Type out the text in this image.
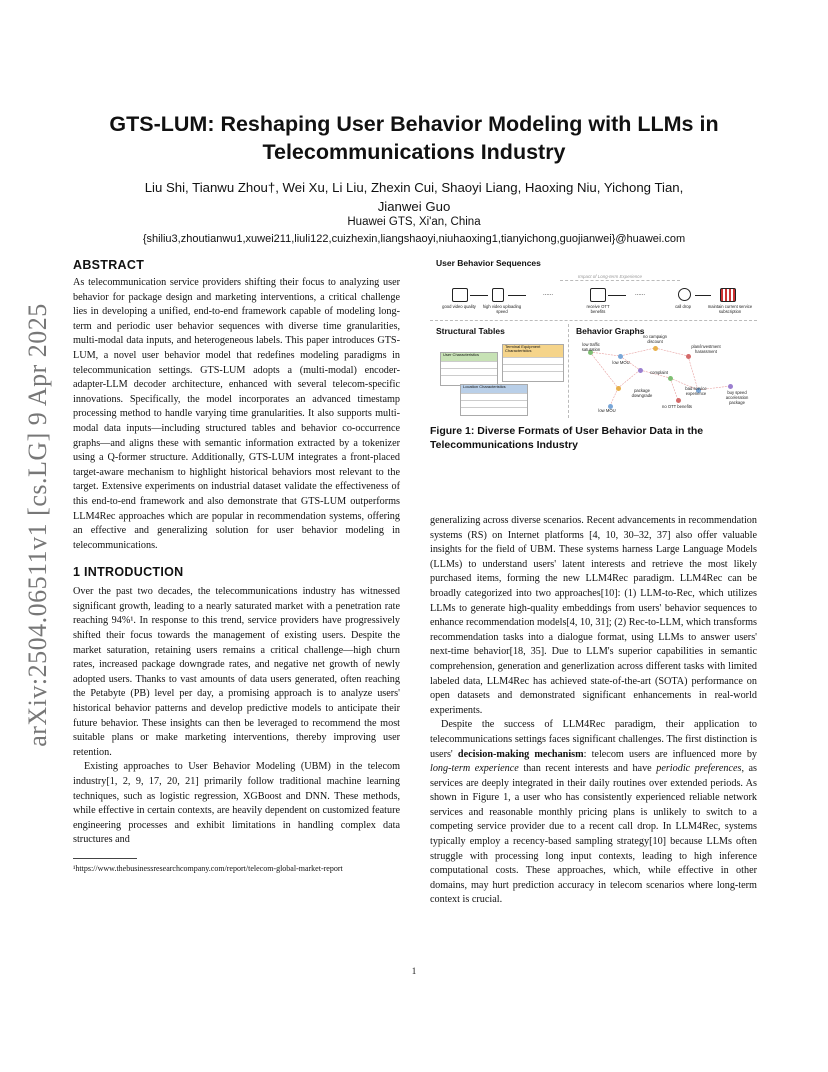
arXiv:2504.06511v1 [cs.LG] 9 Apr 2025
GTS-LUM: Reshaping User Behavior Modeling with LLMs in
Telecommunications Industry
Liu Shi, Tianwu Zhou†, Wei Xu, Li Liu, Zhexin Cui, Shaoyi Liang, Haoxing Niu, Yichong Tian,
Jianwei Guo
Huawei GTS, Xi'an, China
{shiliu3,zhoutianwu1,xuwei211,liuli122,cuizhexin,liangshaoyi,niuhaoxing1,tianyichong,guojianwei}@huawei.com
ABSTRACT

As telecommunication service providers shifting their focus to analyzing user behavior for package design and marketing interventions, a critical challenge lies in developing a unified, end-to-end framework capable of modeling long-term and periodic user behavior sequences with diverse time granularities, multi-modal data inputs, and heterogeneous labels. This paper introduces GTS-LUM, a novel user behavior model that redefines modeling paradigms in telecommunication settings. GTS-LUM adopts a (multi-modal) encoder-adapter-LLM decoder architecture, enhanced with several telecom-specific innovations. Specifically, the model incorporates an advanced timestamp processing method to handle varying time granularities. It also supports multi-modal data inputs—including structured tables and behavior co-occurrence graphs—and aligns these with semantic information extracted by a tokenizer using a Q-former structure. Additionally, GTS-LUM integrates a front-placed target-aware mechanism to highlight historical behaviors most relevant to the target. Extensive experiments on industrial dataset validate the effectiveness of this end-to-end framework and also demonstrate that GTS-LUM outperforms LLM4Rec approaches which are popular in recommendation systems, offering an effective and generalizing solution for user behavior modeling in telecommunications.

1 INTRODUCTION

Over the past two decades, the telecommunications industry has witnessed significant growth, leading to a nearly saturated market with a penetration rate reaching 94%¹. In response to this trend, service providers have progressively shifted their focus towards the management of existing users. Despite the market saturation, retaining users remains a critical challenge—high churn rates, increased package downgrade rates, and negative net growth of newly adopted users. Thanks to vast amounts of data users generated, often reaching the Petabyte (PB) level per day, a promising approach is to analyze users' historical behavior patterns and develop predictive models to anticipate their future behavior. These insights can then be leveraged to recommend the most suitable plans or make marketing interventions, thereby improving user retention.

Existing approaches to User Behavior Modeling (UBM) in the telecom industry[1, 2, 9, 17, 20, 21] primarily follow traditional machine learning techniques, such as logistic regression, XGBoost and DNN. These methods, while effective in certain contexts, are heavily dependent on customized feature engineering processes and exhibit limitations in handling complex data structures and

¹https://www.thebusinessresearchcompany.com/report/telecom-global-market-report
User Behavior Sequences
Impact of Long-term Experience
......	......
good video quality	high video uploading speed
receive OTT benefits
call drop	maintain current service subscription
Structural Tables
User Characteristics
Terminal Equipment Characteristics
Location Characteristics
Behavior Graphs
low traffic saturation
low MOU
no campaign discount
plan/investment harassment
complaint
package downgrade
bad service experience
no OTT benefits
buy speed acceleration package
low MOU
Figure 1: Diverse Formats of User Behavior Data in the Telecommunications Industry

generalizing across diverse scenarios. Recent advancements in recommendation systems (RS) on Internet platforms [4, 10, 30–32, 37] also offer valuable insights for the field of UBM. These systems harness Large Language Models (LLMs) to understand users' latent interests and retrieve the most likely purchased items, forming the new LLM4Rec paradigm. LLM4Rec can be broadly categorized into two approaches[10]: (1) LLM-to-Rec, which utilizes LLMs to generate high-quality embeddings from users' behavior sequences to enhance recommendation models[4, 10, 31]; (2) Rec-to-LLM, which transforms recommendation tasks into a dialogue format, using LLMs to answer users' next-time behavior[18, 35]. Due to LLM's superior capabilities in semantic comprehension, generation and generlization across different tasks with limited labeled data, LLM4Rec has achieved state-of-the-art (SOTA) performance on open datasets and demonstrated significant enhancements in real-world experiments.

Despite the success of LLM4Rec paradigm, their application to telecommunications settings faces significant challenges. The first distinction is users' decision-making mechanism: telecom users are influenced more by long-term experience than recent interests and have periodic preferences, as services are deeply integrated in their daily routines over extended periods. As shown in Figure 1, a user who has consistently experienced reliable network services and reasonable monthly pricing plans is unlikely to switch to a competing service provider due to a recent call drop. In LLM4Rec, systems typically employ a recency-based sampling strategy[10] because LLMs often struggle with processing long input contexts, leading to high inference computational costs. These approaches, which, while effective in other domains, may hurt prediction accuracy in telecom scenarios where long-term context is crucial.

1
